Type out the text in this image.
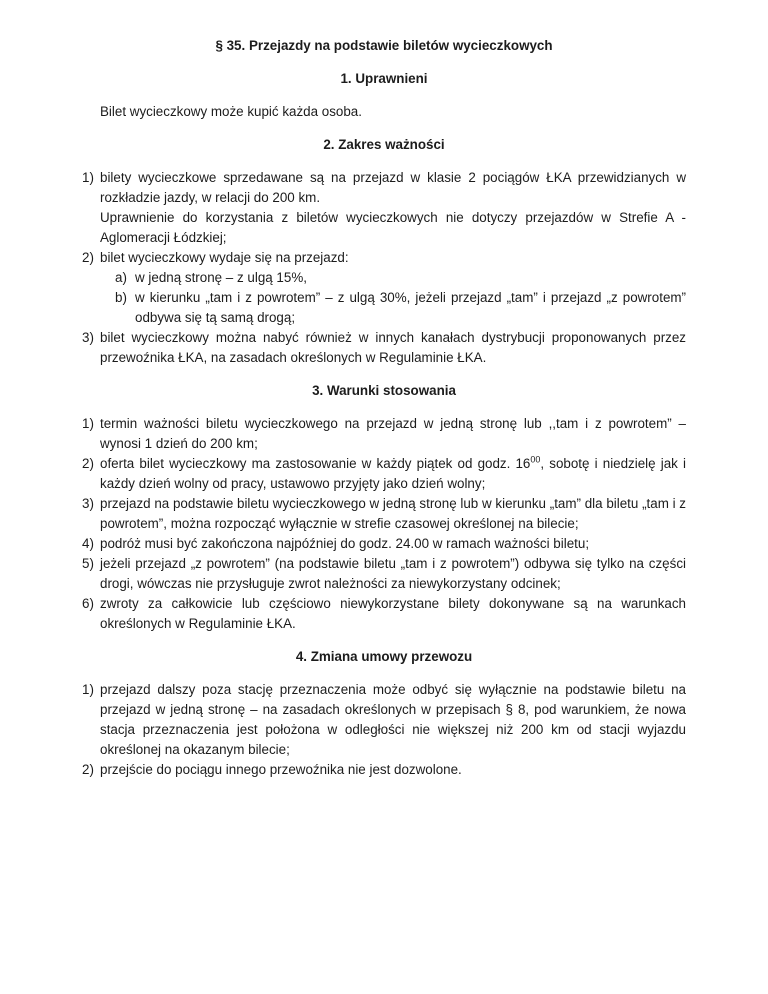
§ 35. Przejazdy na podstawie biletów wycieczkowych
1. Uprawnieni

Bilet wycieczkowy może kupić każda osoba.

2. Zakres ważności
1) bilety wycieczkowe sprzedawane są na przejazd w klasie 2 pociągów ŁKA przewidzianych w rozkładzie jazdy, w relacji do 200 km.

Uprawnienie do korzystania z biletów wycieczkowych nie dotyczy przejazdów w Strefie A - Aglomeracji Łódzkiej;

2) bilet wycieczkowy wydaje się na przejazd:

a) w jedną stronę – z ulgą 15%,

b) w kierunku „tam i z powrotem” – z ulgą 30%, jeżeli przejazd „tam” i przejazd „z powrotem” odbywa się tą samą drogą;

3) bilet wycieczkowy można nabyć również w innych kanałach dystrybucji proponowanych przez przewoźnika ŁKA, na zasadach określonych w Regulaminie ŁKA.

3. Warunki stosowania
1) termin ważności biletu wycieczkowego na przejazd w jedną stronę lub ,,tam i z powrotem” – wynosi 1 dzień do 200 km;

2) oferta bilet wycieczkowy ma zastosowanie w każdy piątek od godz. $16^{00}$, sobotę i niedzielę jak i każdy dzień wolny od pracy, ustawowo przyjęty jako dzień wolny;

3) przejazd na podstawie biletu wycieczkowego w jedną stronę lub w kierunku „tam” dla biletu „tam i z powrotem”, można rozpocząć wyłącznie w strefie czasowej określonej na bilecie;

4) podróż musi być zakończona najpóźniej do godz. 24.00 w ramach ważności biletu;

5) jeżeli przejazd „z powrotem” (na podstawie biletu „tam i z powrotem”) odbywa się tylko na części drogi, wówczas nie przysługuje zwrot należności za niewykorzystany odcinek;

6) zwroty za całkowicie lub częściowo niewykorzystane bilety dokonywane są na warunkach określonych w Regulaminie ŁKA.

4. Zmiana umowy przewozu
1) przejazd dalszy poza stację przeznaczenia może odbyć się wyłącznie na podstawie biletu na przejazd w jedną stronę – na zasadach określonych w przepisach § 8, pod warunkiem, że nowa stacja przeznaczenia jest położona w odległości nie większej niż 200 km od stacji wyjazdu określonej na okazanym bilecie;

2) przejście do pociągu innego przewoźnika nie jest dozwolone.
